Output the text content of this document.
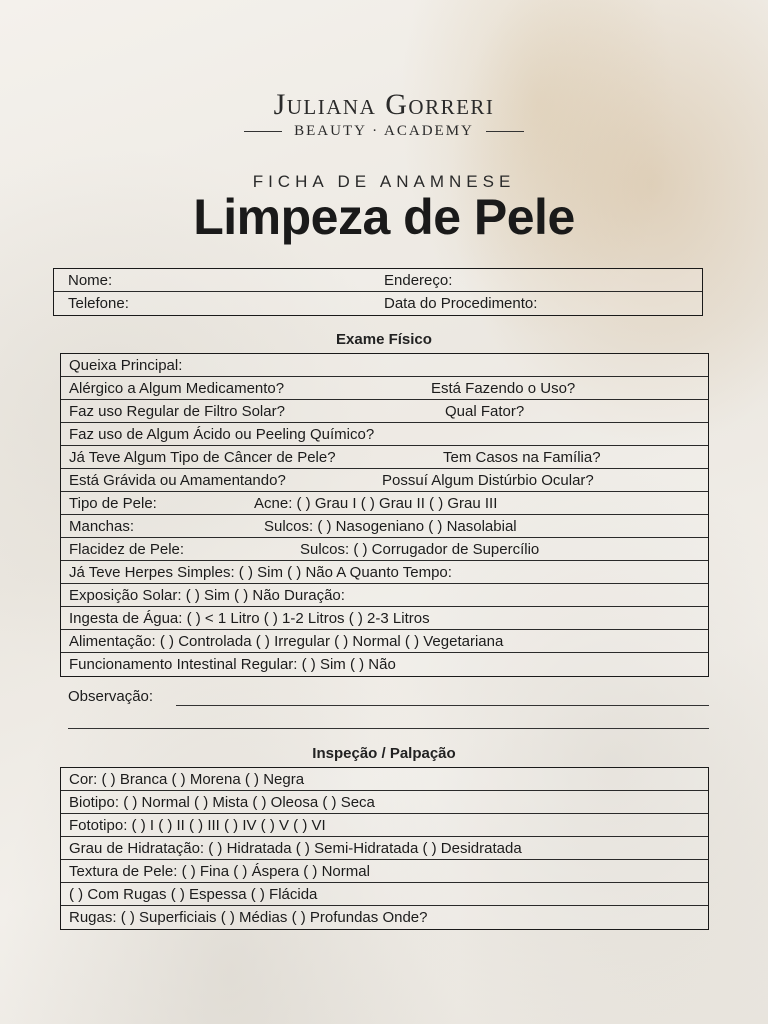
Juliana Gorreri
BEAUTY · ACADEMY
FICHA DE ANAMNESE
Limpeza de Pele
Nome:	Endereço:
Telefone:	Data do Procedimento:
Exame Físico
Queixa Principal:
Alérgico a Algum Medicamento?	Está Fazendo o Uso?
Faz uso Regular de Filtro Solar?	Qual Fator?
Faz uso de Algum Ácido ou Peeling Químico?
Já Teve Algum Tipo de Câncer de Pele?	Tem Casos na Família?
Está Grávida ou Amamentando?	Possuí Algum Distúrbio Ocular?
Tipo de Pele:	Acne: ( ) Grau I ( ) Grau II ( ) Grau III
Manchas:	Sulcos: ( ) Nasogeniano ( ) Nasolabial
Flacidez de Pele:	Sulcos: ( ) Corrugador de Supercílio
Já Teve Herpes Simples: ( ) Sim ( ) Não A Quanto Tempo:
Exposição Solar: ( ) Sim ( ) Não Duração:
Ingesta de Água: ( ) < 1 Litro ( ) 1-2 Litros ( ) 2-3 Litros
Alimentação: ( ) Controlada ( ) Irregular ( ) Normal ( ) Vegetariana
Funcionamento Intestinal Regular: ( ) Sim ( ) Não
Observação:
Inspeção / Palpação
Cor: ( ) Branca ( ) Morena ( ) Negra
Biotipo: ( ) Normal ( ) Mista ( ) Oleosa ( ) Seca
Fototipo: ( ) I ( ) II ( ) III ( ) IV ( ) V ( ) VI
Grau de Hidratação: ( ) Hidratada ( ) Semi-Hidratada ( ) Desidratada
Textura de Pele: ( ) Fina ( ) Áspera ( ) Normal
( ) Com Rugas ( ) Espessa ( ) Flácida
Rugas: ( ) Superficiais ( ) Médias ( ) Profundas Onde?
